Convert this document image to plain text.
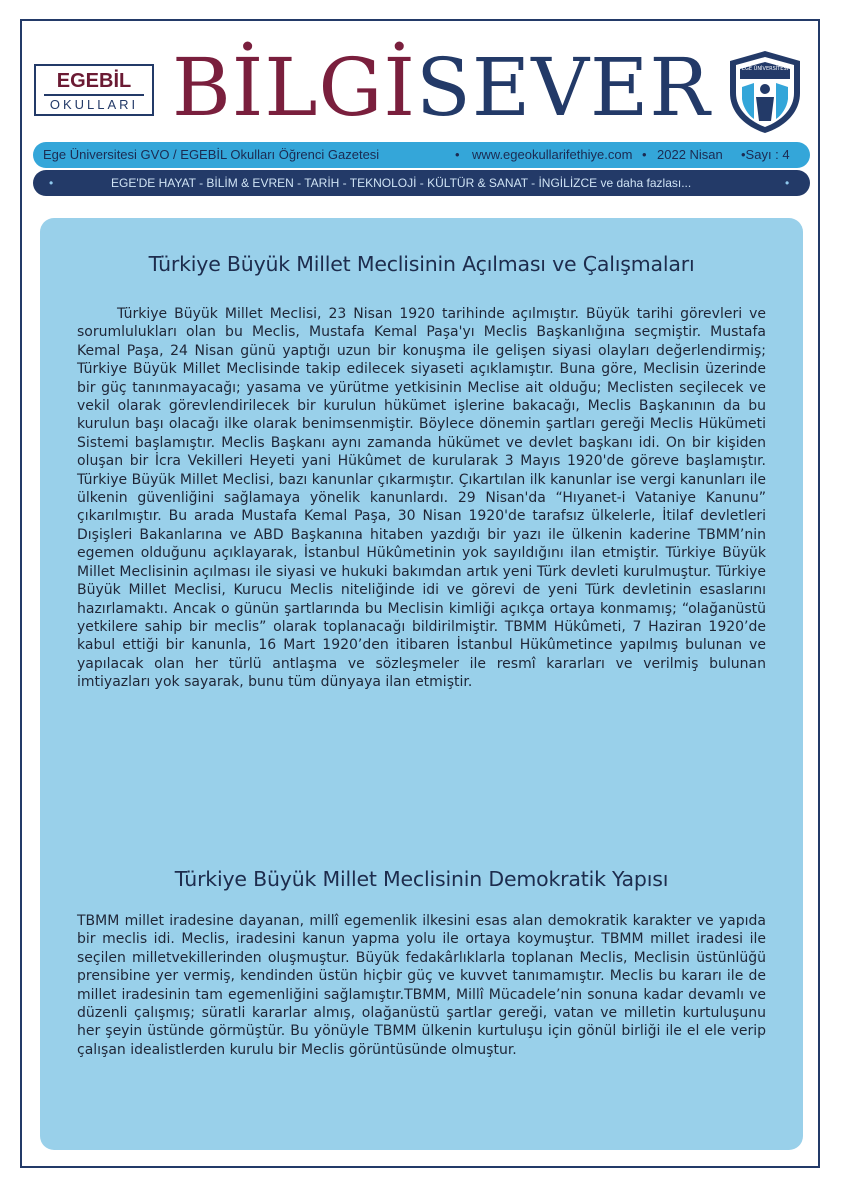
EGEBİL
OKULLARI BİLGİSEVER	EGE ÜNİVERSİTESİ
Ege Üniversitesi GVO / EGEBİL Okulları Öğrenci Gazetesi	• www.egeokullarifethiye.com • 2022 Nisan •Sayı : 4
•	EGE'DE HAYAT - BİLİM & EVREN - TARİH - TEKNOLOJİ - KÜLTÜR & SANAT - İNGİLİZCE ve daha fazlası...	•
Türkiye Büyük Millet Meclisinin Açılması ve Çalışmaları

Türkiye Büyük Millet Meclisi, 23 Nisan 1920 tarihinde açılmıştır. Büyük tarihi görevleri ve sorumlulukları olan bu Meclis, Mustafa Kemal Paşa'yı Meclis Başkanlığına seçmiştir. Mustafa Kemal Paşa, 24 Nisan günü yaptığı uzun bir konuşma ile gelişen siyasi olayları değerlendirmiş; Türkiye Büyük Millet Meclisinde takip edilecek siyaseti açıklamıştır. Buna göre, Meclisin üzerinde bir güç tanınmayacağı; yasama ve yürütme yetkisinin Meclise ait olduğu; Meclisten seçilecek ve vekil olarak görevlendirilecek bir kurulun hükümet işlerine bakacağı, Meclis Başkanının da bu kurulun başı olacağı ilke olarak benimsenmiştir. Böylece dönemin şartları gereği Meclis Hükümeti Sistemi başlamıştır. Meclis Başkanı aynı zamanda hükümet ve devlet başkanı idi. On bir kişiden oluşan bir İcra Vekilleri Heyeti yani Hükûmet de kurularak 3 Mayıs 1920'de göreve başlamıştır. Türkiye Büyük Millet Meclisi, bazı kanunlar çıkarmıştır. Çıkartılan ilk kanunlar ise vergi kanunları ile ülkenin güvenliğini sağlamaya yönelik kanunlardı. 29 Nisan'da “Hıyanet-i Vataniye Kanunu” çıkarılmıştır. Bu arada Mustafa Kemal Paşa, 30 Nisan 1920'de tarafsız ülkelerle, İtilaf devletleri Dışişleri Bakanlarına ve ABD Başkanına hitaben yazdığı bir yazı ile ülkenin kaderine TBMM’nin egemen olduğunu açıklayarak, İstanbul Hükûmetinin yok sayıldığını ilan etmiştir. Türkiye Büyük Millet Meclisinin açılması ile siyasi ve hukuki bakımdan artık yeni Türk devleti kurulmuştur. Türkiye Büyük Millet Meclisi, Kurucu Meclis niteliğinde idi ve görevi de yeni Türk devletinin esaslarını hazırlamaktı. Ancak o günün şartlarında bu Meclisin kimliği açıkça ortaya konmamış; “olağanüstü yetkilere sahip bir meclis” olarak toplanacağı bildirilmiştir. TBMM Hükûmeti, 7 Haziran 1920’de kabul ettiği bir kanunla, 16 Mart 1920’den itibaren İstanbul Hükûmetince yapılmış bulunan ve yapılacak olan her türlü antlaşma ve sözleşmeler ile resmî kararları ve verilmiş bulunan imtiyazları yok sayarak, bunu tüm dünyaya ilan etmiştir.

Türkiye Büyük Millet Meclisinin Demokratik Yapısı

TBMM millet iradesine dayanan, millî egemenlik ilkesini esas alan demokratik karakter ve yapıda bir meclis idi. Meclis, iradesini kanun yapma yolu ile ortaya koymuştur. TBMM millet iradesi ile seçilen milletvekillerinden oluşmuştur. Büyük fedakârlıklarla toplanan Meclis, Meclisin üstünlüğü prensibine yer vermiş, kendinden üstün hiçbir güç ve kuvvet tanımamıştır. Meclis bu kararı ile de millet iradesinin tam egemenliğini sağlamıştır.TBMM, Millî Mücadele’nin sonuna kadar devamlı ve düzenli çalışmış; süratli kararlar almış, olağanüstü şartlar gereği, vatan ve milletin kurtuluşunu her şeyin üstünde görmüştür. Bu yönüyle TBMM ülkenin kurtuluşu için gönül birliği ile el ele verip çalışan idealistlerden kurulu bir Meclis görüntüsünde olmuştur.
